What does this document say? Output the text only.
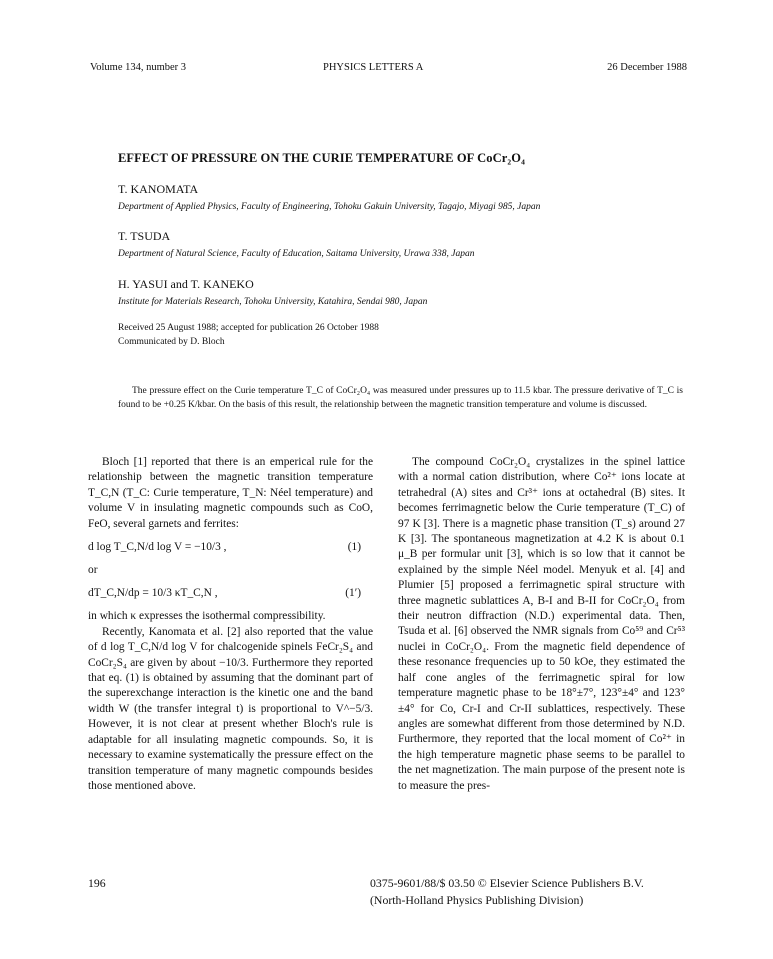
Volume 134, number 3	PHYSICS LETTERS A	26 December 1988
EFFECT OF PRESSURE ON THE CURIE TEMPERATURE OF CoCr₂O₄
T. KANOMATA
Department of Applied Physics, Faculty of Engineering, Tohoku Gakuin University, Tagajo, Miyagi 985, Japan
T. TSUDA
Department of Natural Science, Faculty of Education, Saitama University, Urawa 338, Japan
H. YASUI and T. KANEKO
Institute for Materials Research, Tohoku University, Katahira, Sendai 980, Japan
Received 25 August 1988; accepted for publication 26 October 1988
Communicated by D. Bloch
The pressure effect on the Curie temperature T_C of CoCr₂O₄ was measured under pressures up to 11.5 kbar. The pressure derivative of T_C is found to be +0.25 K/kbar. On the basis of this result, the relationship between the magnetic transition temperature and volume is discussed.

Bloch [1] reported that there is an emperical rule for the relationship between the magnetic transition temperature T_C,N (T_C: Curie temperature, T_N: Néel temperature) and volume V in insulating magnetic compounds such as CoO, FeO, several garnets and ferrites:

d log T_C,N/d log V = −10/3 ,	(1)

or

dT_C,N/dp = 10/3 κT_C,N ,	(1′)

in which κ expresses the isothermal compressibility.

Recently, Kanomata et al. [2] also reported that the value of d log T_C,N/d log V for chalcogenide spinels FeCr₂S₄ and CoCr₂S₄ are given by about −10/3. Furthermore they reported that eq. (1) is obtained by assuming that the dominant part of the superexchange interaction is the kinetic one and the band width W (the transfer integral t) is proportional to V^−5/3. However, it is not clear at present whether Bloch's rule is adaptable for all insulating magnetic compounds. So, it is necessary to examine systematically the pressure effect on the transition temperature of many magnetic compounds besides those mentioned above.

The compound CoCr₂O₄ crystalizes in the spinel lattice with a normal cation distribution, where Co²⁺ ions locate at tetrahedral (A) sites and Cr³⁺ ions at octahedral (B) sites. It becomes ferrimagnetic below the Curie temperature (T_C) of 97 K [3]. There is a magnetic phase transition (T_s) around 27 K [3]. The spontaneous magnetization at 4.2 K is about 0.1 μ_B per formular unit [3], which is so low that it cannot be explained by the simple Néel model. Menyuk et al. [4] and Plumier [5] proposed a ferrimagnetic spiral structure with three magnetic sublattices A, B-I and B-II for CoCr₂O₄ from their neutron diffraction (N.D.) experimental data. Then, Tsuda et al. [6] observed the NMR signals from Co⁵⁹ and Cr⁵³ nuclei in CoCr₂O₄. From the magnetic field dependence of these resonance frequencies up to 50 kOe, they estimated the half cone angles of the ferrimagnetic spiral for low temperature magnetic phase to be 18°±7°, 123°±4° and 123°±4° for Co, Cr-I and Cr-II sublattices, respectively. These angles are somewhat different from those determined by N.D. Furthermore, they reported that the local moment of Co²⁺ in the high temperature magnetic phase seems to be parallel to the net magnetization. The main purpose of the present note is to measure the pres-

196	0375-9601/88/$ 03.50 © Elsevier Science Publishers B.V.
(North-Holland Physics Publishing Division)
